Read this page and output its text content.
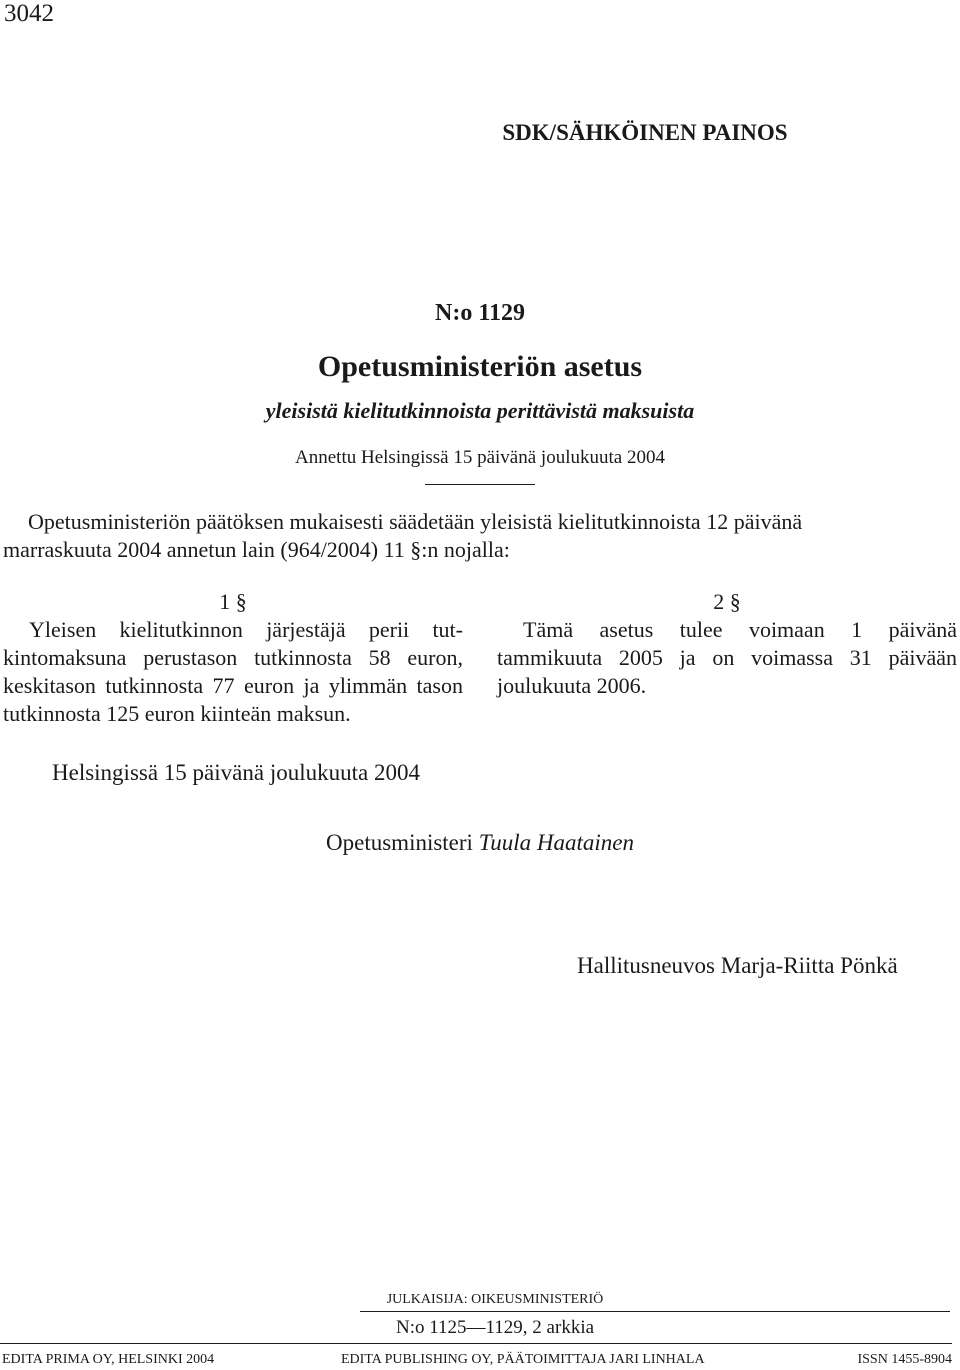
3042
SDK/SÄHKÖINEN PAINOS
N:o 1129
Opetusministeriön asetus
yleisistä kielitutkinnoista perittävistä maksuista
Annettu Helsingissä 15 päivänä joulukuuta 2004
Opetusministeriön päätöksen mukaisesti säädetään yleisistä kielitutkinnoista 12 päivänä
marraskuuta 2004 annetun lain (964/2004) 11 §:n nojalla:
1 §
Yleisen kielitutkinnon järjestäjä perii tutkintomaksuna perustason tutkinnosta 58 euron, keskitason tutkinnosta 77 euron ja ylimmän tason tutkinnosta 125 euron kiinteän maksun.
2 §
Tämä asetus tulee voimaan 1 päivänä tammikuuta 2005 ja on voimassa 31 päivään joulukuuta 2006.
Helsingissä 15 päivänä joulukuuta 2004
Opetusministeri Tuula Haatainen
Hallitusneuvos Marja-Riitta Pönkä
JULKAISIJA: OIKEUSMINISTERIÖ
N:o 1125—1129, 2 arkkia
EDITA PRIMA OY, HELSINKI 2004	EDITA PUBLISHING OY, PÄÄTOIMITTAJA JARI LINHALA	ISSN 1455-8904
